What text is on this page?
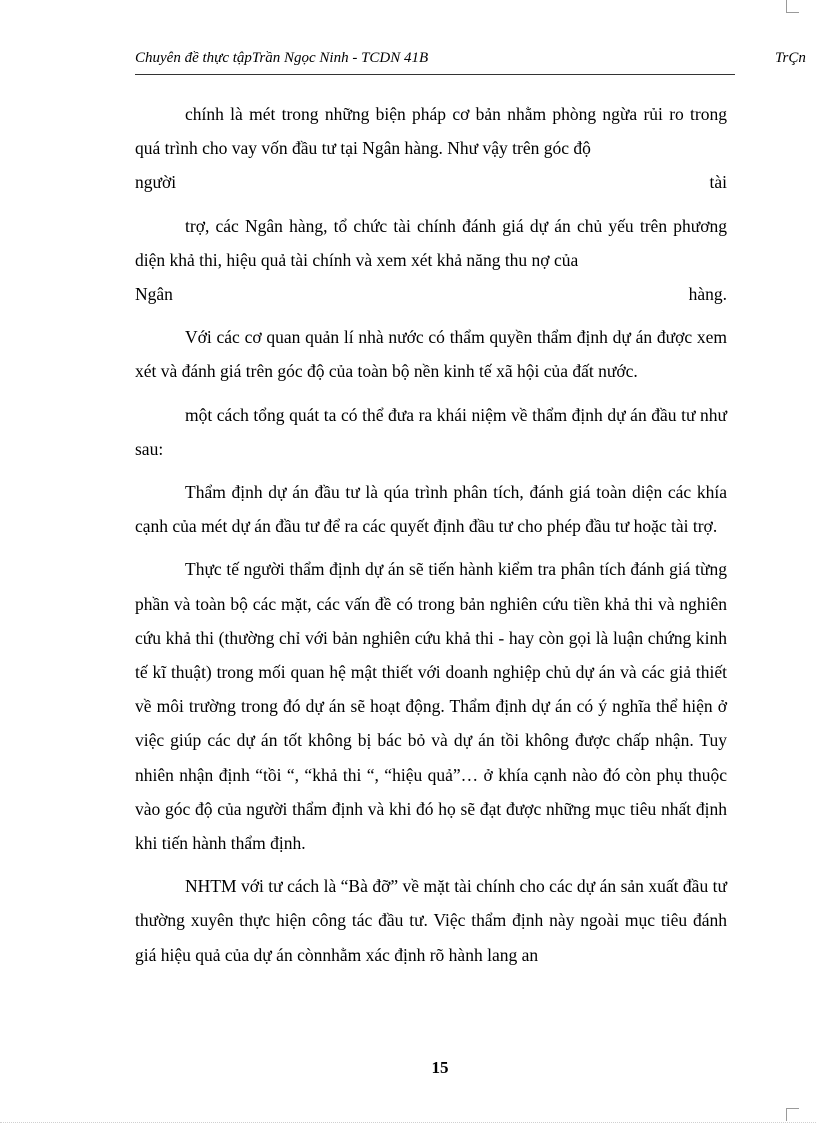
Chuyên đề thực tậpTrần Ngọc Ninh - TCDN 41B	TrÇn

chính là mét trong những biện pháp cơ bản nhằm phòng ngừa rủi ro trong quá trình cho vay vốn đầu tư tại Ngân hàng. Như vậy trên góc độ

người	tài

trợ, các Ngân hàng, tổ chức tài chính đánh giá dự án chủ yếu trên phương diện khả thi, hiệu quả tài chính và xem xét khả năng thu nợ của

Ngân	hàng.

Với các cơ quan quản lí nhà nước có thẩm quyền thẩm định dự án được xem xét và đánh giá trên góc độ của toàn bộ nền kinh tế xã hội của đất nước.

một cách tổng quát ta có thể đưa ra khái niệm về thẩm định dự án đầu tư như sau:

Thẩm định dự án đầu tư là qúa trình phân tích, đánh giá toàn diện các khía cạnh của mét dự án đầu tư để ra các quyết định đầu tư cho phép đầu tư hoặc tài trợ.

Thực tế người thẩm định dự án sẽ tiến hành kiểm tra phân tích đánh giá từng phần và toàn bộ các mặt, các vấn đề có trong bản nghiên cứu tiền khả thi và nghiên cứu khả thi (thường chỉ với bản nghiên cứu khả thi - hay còn gọi là luận chứng kinh tế kĩ thuật) trong mối quan hệ mật thiết với doanh nghiệp chủ dự án và các giả thiết về môi trường trong đó dự án sẽ hoạt động. Thẩm định dự án có ý nghĩa thể hiện ở việc giúp các dự án tốt không bị bác bỏ và dự án tồi không được chấp nhận. Tuy nhiên nhận định “tồi “, “khả thi “, “hiệu quả”… ở khía cạnh nào đó còn phụ thuộc vào góc độ của người thẩm định và khi đó họ sẽ đạt được những mục tiêu nhất định khi tiến hành thẩm định.

NHTM với tư cách là “Bà đỡ” về mặt tài chính cho các dự án sản xuất đầu tư thường xuyên thực hiện công tác đầu tư. Việc thẩm định này ngoài mục tiêu đánh giá hiệu quả của dự án cònnhằm xác định rõ hành lang an

15
